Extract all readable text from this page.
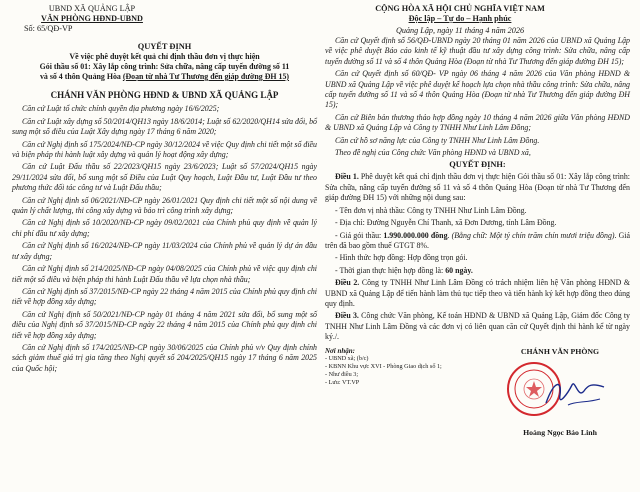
UBND XÃ QUẢNG LẬP
VĂN PHÒNG HĐND-UBND
Số: 65/QĐ-VP
CỘNG HÒA XÃ HỘI CHỦ NGHĨA VIỆT NAM
Độc lập – Tự do – Hạnh phúc
Quảng Lập, ngày 11 tháng 4 năm 2026
QUYẾT ĐỊNH
Về việc phê duyệt kết quả chỉ định thầu đơn vị thực hiện
Gói thầu số 01: Xây lắp công trình: Sửa chữa, nâng cấp tuyến đường số 11
và số 4 thôn Quảng Hòa (Đoạn từ nhà Tư Thương đến giáp đường ĐH 15)
CHÁNH VĂN PHÒNG HĐND & UBND XÃ QUẢNG LẬP

Căn cứ Luật tổ chức chính quyền địa phương ngày 16/6/2025;

Căn cứ Luật xây dựng số 50/2014/QH13 ngày 18/6/2014; Luật số 62/2020/QH14 sửa đổi, bổ sung một số điều của Luật Xây dựng ngày 17 tháng 6 năm 2020;

Căn cứ Nghị định số 175/2024/NĐ-CP ngày 30/12/2024 về việc Quy định chi tiết một số điều và biện pháp thi hành luật xây dựng và quản lý hoạt động xây dựng;

Căn cứ Luật Đấu thầu số 22/2023/QH15 ngày 23/6/2023; Luật số 57/2024/QH15 ngày 29/11/2024 sửa đổi, bổ sung một số Điều của Luật Quy hoạch, Luật Đầu tư, Luật Đầu tư theo phương thức đối tác công tư và Luật Đấu thầu;

Căn cứ Nghị định số 06/2021/NĐ-CP ngày 26/01/2021 Quy định chi tiết một số nội dung về quản lý chất lượng, thi công xây dựng và bảo trì công trình xây dựng;

Căn cứ Nghị định số 10/2020/NĐ-CP ngày 09/02/2021 của Chính phủ quy định về quản lý chi phí đầu tư xây dựng;

Căn cứ Nghị định số 16/2024/NĐ-CP ngày 11/03/2024 của Chính phủ về quản lý dự án đầu tư xây dựng;

Căn cứ Nghị định số 214/2025/NĐ-CP ngày 04/08/2025 của Chính phủ về việc quy định chi tiết một số điều và biện pháp thi hành Luật Đấu thầu về lựa chọn nhà thầu;

Căn cứ Nghị định số 37/2015/NĐ-CP ngày 22 tháng 4 năm 2015 của Chính phủ quy định chi tiết về hợp đồng xây dựng;

Căn cứ Nghị định số 50/2021/NĐ-CP ngày 01 tháng 4 năm 2021 sửa đổi, bổ sung một số điều của Nghị định số 37/2015/NĐ-CP ngày 22 tháng 4 năm 2015 của Chính phủ quy định chi tiết về hợp đồng xây dựng;

Căn cứ Nghị định số 174/2025/NĐ-CP ngày 30/06/2025 của Chính phủ v/v Quy định chính sách giảm thuế giá trị gia tăng theo Nghị quyết số 204/2025/QH15 ngày 17 tháng 6 năm 2025 của Quốc hội;

Căn cứ Quyết định số 56/QĐ-UBND ngày 20 tháng 01 năm 2026 của UBND xã Quảng Lập về việc phê duyệt Báo cáo kinh tế kỹ thuật đầu tư xây dựng công trình: Sửa chữa, nâng cấp tuyến đường số 11 và số 4 thôn Quảng Hòa (Đoạn từ nhà Tư Thương đến giáp đường ĐH 15);

Căn cứ Quyết định số 60/QĐ- VP ngày 06 tháng 4 năm 2026 của Văn phòng HĐND & UBND xã Quảng Lập về việc phê duyệt kế hoạch lựa chọn nhà thầu công trình: Sửa chữa, nâng cấp tuyến đường số 11 và số 4 thôn Quảng Hòa (Đoạn từ nhà Tư Thương đến giáp đường ĐH 15);

Căn cứ Biên bản thương thảo hợp đồng ngày 10 tháng 4 năm 2026 giữa Văn phòng HĐND & UBND xã Quảng Lập và Công ty TNHH Như Linh Lâm Đồng;

Căn cứ hồ sơ năng lực của Công ty TNHH Như Linh Lâm Đồng.

Theo đề nghị của Công chức Văn phòng HĐND và UBND xã,

QUYẾT ĐỊNH:

Điều 1. Phê duyệt kết quả chỉ định thầu đơn vị thực hiện Gói thầu số 01: Xây lắp công trình: Sửa chữa, nâng cấp tuyến đường số 11 và số 4 thôn Quảng Hòa (Đoạn từ nhà Tư Thương đến giáp đường ĐH 15) với những nội dung sau:

- Tên đơn vị nhà thầu: Công ty TNHH Như Linh Lâm Đồng.

- Địa chỉ: Đường Nguyễn Chí Thanh, xã Đơn Dương, tỉnh Lâm Đồng.

- Giá gói thầu: 1.990.000.000 đồng. (Bằng chữ: Một tỷ chín trăm chín mươi triệu đồng). Giá trên đã bao gồm thuế GTGT 8%.

- Hình thức hợp đồng: Hợp đồng trọn gói.

- Thời gian thực hiện hợp đồng là: 60 ngày.

Điều 2. Công ty TNHH Như Linh Lâm Đồng có trách nhiệm liên hệ Văn phòng HĐND & UBND xã Quảng Lập để tiến hành làm thủ tục tiếp theo và tiến hành ký kết hợp đồng theo đúng quy định.

Điều 3. Công chức Văn phòng, Kế toán HĐND & UBND xã Quảng Lập, Giám đốc Công ty TNHH Như Linh Lâm Đồng và các đơn vị có liên quan căn cứ Quyết định thi hành kể từ ngày ký./.

Nơi nhận:
- UBND xã; (b/c)
- KBNN Khu vực XVI - Phòng Giao dịch số 1;
- Như điều 3;
- Lưu: VT.VP
CHÁNH VĂN PHÒNG
Hoàng Ngọc Bảo Linh
